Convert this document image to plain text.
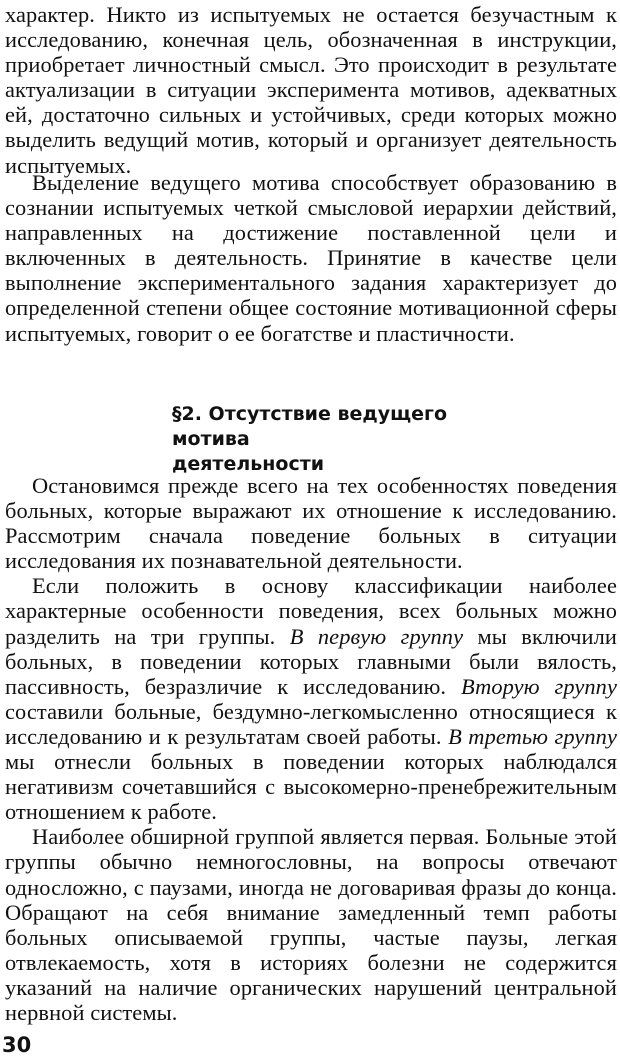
характер. Никто из испытуемых не остается безучастным к исследованию, конечная цель, обозначенная в инструкции, приобретает личностный смысл. Это происходит в результате актуализации в ситуации эксперимента мотивов, адекватных ей, достаточно сильных и устойчивых, среди которых можно выделить ведущий мотив, который и организует деятельность испытуемых.

Выделение ведущего мотива способствует образованию в сознании испытуемых четкой смысловой иерархии действий, направленных на достижение поставленной цели и включенных в деятельность. Принятие в качестве цели выполнение экспериментального задания характеризует до определенной степени общее состояние мотивационной сферы испытуемых, говорит о ее богатстве и пластичности.

§2. Отсутствие ведущего мотива
деятельности

Остановимся прежде всего на тех особенностях поведения больных, которые выражают их отношение к исследованию. Рассмотрим сначала поведение больных в ситуации исследования их познавательной деятельности.

Если положить в основу классификации наиболее характерные особенности поведения, всех больных можно разделить на три группы. В первую группу мы включили больных, в поведении которых главными были вялость, пассивность, безразличие к исследованию. Вторую группу составили больные, бездумно-легкомысленно относящиеся к исследованию и к результатам своей работы. В третью группу мы отнесли больных в поведении которых наблюдался негативизм сочетавшийся с высокомерно-пренебрежительным отношением к работе.

Наиболее обширной группой является первая. Больные этой группы обычно немногословны, на вопросы отвечают односложно, с паузами, иногда не договаривая фразы до конца. Обращают на себя внимание замедленный темп работы больных описываемой группы, частые паузы, легкая отвлекаемость, хотя в историях болезни не содержится указаний на наличие органических нарушений центральной нервной системы.

30
